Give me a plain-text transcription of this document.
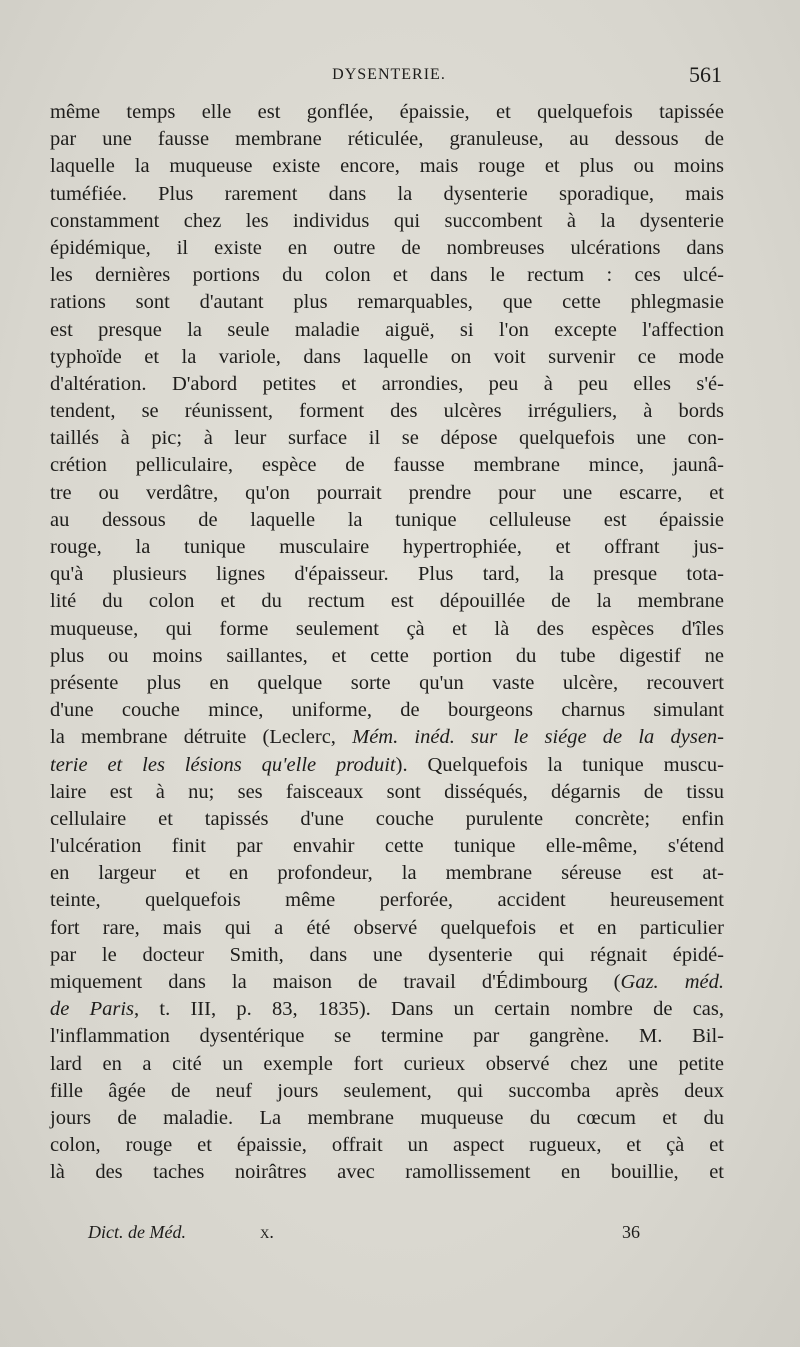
DYSENTERIE.	561
même temps elle est gonflée, épaissie, et quelquefois tapissée
par une fausse membrane réticulée, granuleuse, au dessous de
laquelle la muqueuse existe encore, mais rouge et plus ou moins
tuméfiée. Plus rarement dans la dysenterie sporadique, mais
constamment chez les individus qui succombent à la dysenterie
épidémique, il existe en outre de nombreuses ulcérations dans
les dernières portions du colon et dans le rectum : ces ulcé-
rations sont d'autant plus remarquables, que cette phlegmasie
est presque la seule maladie aiguë, si l'on excepte l'affection
typhoïde et la variole, dans laquelle on voit survenir ce mode
d'altération. D'abord petites et arrondies, peu à peu elles s'é-
tendent, se réunissent, forment des ulcères irréguliers, à bords
taillés à pic; à leur surface il se dépose quelquefois une con-
crétion pelliculaire, espèce de fausse membrane mince, jaunâ-
tre ou verdâtre, qu'on pourrait prendre pour une escarre, et
au dessous de laquelle la tunique celluleuse est épaissie
rouge, la tunique musculaire hypertrophiée, et offrant jus-
qu'à plusieurs lignes d'épaisseur. Plus tard, la presque tota-
lité du colon et du rectum est dépouillée de la membrane
muqueuse, qui forme seulement çà et là des espèces d'îles
plus ou moins saillantes, et cette portion du tube digestif ne
présente plus en quelque sorte qu'un vaste ulcère, recouvert
d'une couche mince, uniforme, de bourgeons charnus simulant
la membrane détruite (Leclerc, Mém. inéd. sur le siége de la dysen-
terie et les lésions qu'elle produit). Quelquefois la tunique muscu-
laire est à nu; ses faisceaux sont disséqués, dégarnis de tissu
cellulaire et tapissés d'une couche purulente concrète; enfin
l'ulcération finit par envahir cette tunique elle-même, s'étend
en largeur et en profondeur, la membrane séreuse est at-
teinte, quelquefois même perforée, accident heureusement
fort rare, mais qui a été observé quelquefois et en particulier
par le docteur Smith, dans une dysenterie qui régnait épidé-
miquement dans la maison de travail d'Édimbourg (Gaz. méd.
de Paris, t. III, p. 83, 1835). Dans un certain nombre de cas,
l'inflammation dysentérique se termine par gangrène. M. Bil-
lard en a cité un exemple fort curieux observé chez une petite
fille âgée de neuf jours seulement, qui succomba après deux
jours de maladie. La membrane muqueuse du cœcum et du
colon, rouge et épaissie, offrait un aspect rugueux, et çà et
là des taches noirâtres avec ramollissement en bouillie, et
Dict. de Méd.	x.	36
